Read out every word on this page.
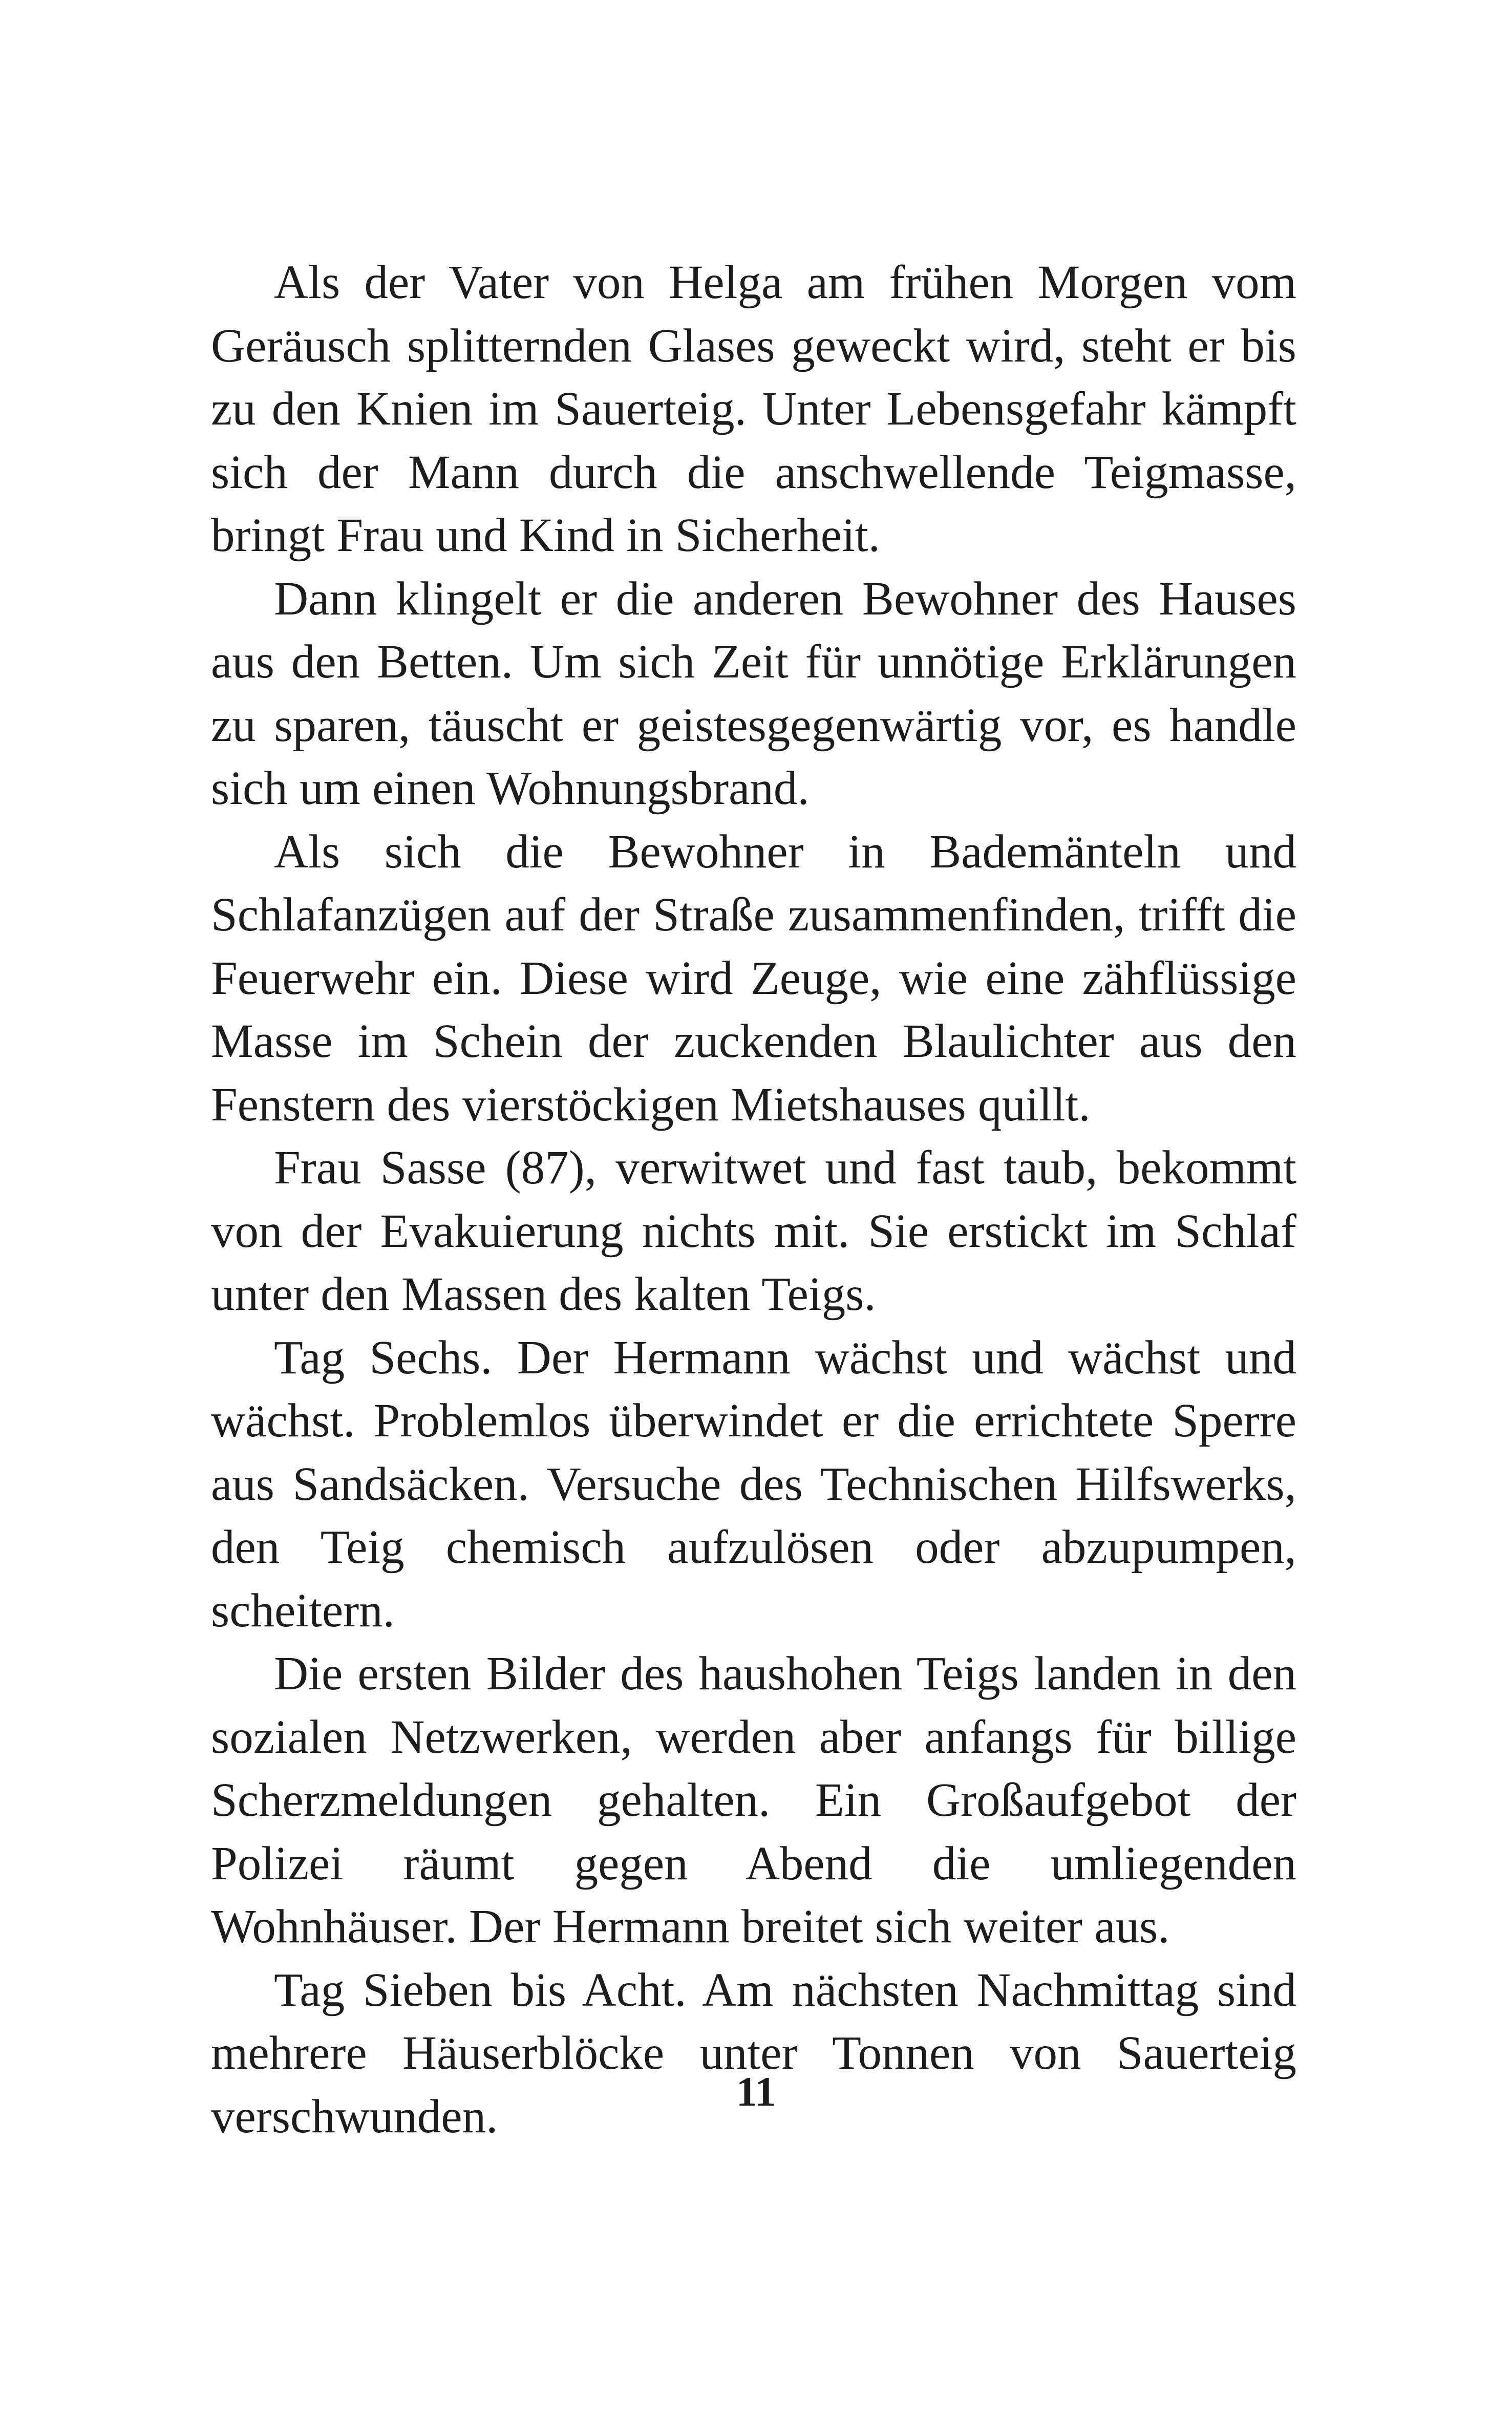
Als der Vater von Helga am frühen Morgen vom Geräusch splitternden Glases geweckt wird, steht er bis zu den Knien im Sauerteig. Unter Lebensgefahr kämpft sich der Mann durch die anschwellende Teigmasse, bringt Frau und Kind in Sicherheit.

Dann klingelt er die anderen Bewohner des Hauses aus den Betten. Um sich Zeit für unnötige Erklärungen zu sparen, täuscht er geistesgegenwärtig vor, es handle sich um einen Wohnungsbrand.

Als sich die Bewohner in Bademänteln und Schlafanzügen auf der Straße zusammenfinden, trifft die Feuerwehr ein. Diese wird Zeuge, wie eine zähflüssige Masse im Schein der zuckenden Blaulichter aus den Fenstern des vierstöckigen Mietshauses quillt.

Frau Sasse (87), verwitwet und fast taub, bekommt von der Evakuierung nichts mit. Sie erstickt im Schlaf unter den Massen des kalten Teigs.

Tag Sechs. Der Hermann wächst und wächst und wächst. Problemlos überwindet er die errichtete Sperre aus Sandsäcken. Versuche des Technischen Hilfswerks, den Teig chemisch aufzulösen oder abzupumpen, scheitern.

Die ersten Bilder des haushohen Teigs landen in den sozialen Netzwerken, werden aber anfangs für billige Scherzmeldungen gehalten. Ein Großaufgebot der Polizei räumt gegen Abend die umliegenden Wohnhäuser. Der Hermann breitet sich weiter aus.

Tag Sieben bis Acht. Am nächsten Nachmittag sind mehrere Häuserblöcke unter Tonnen von Sauerteig verschwunden.	11
